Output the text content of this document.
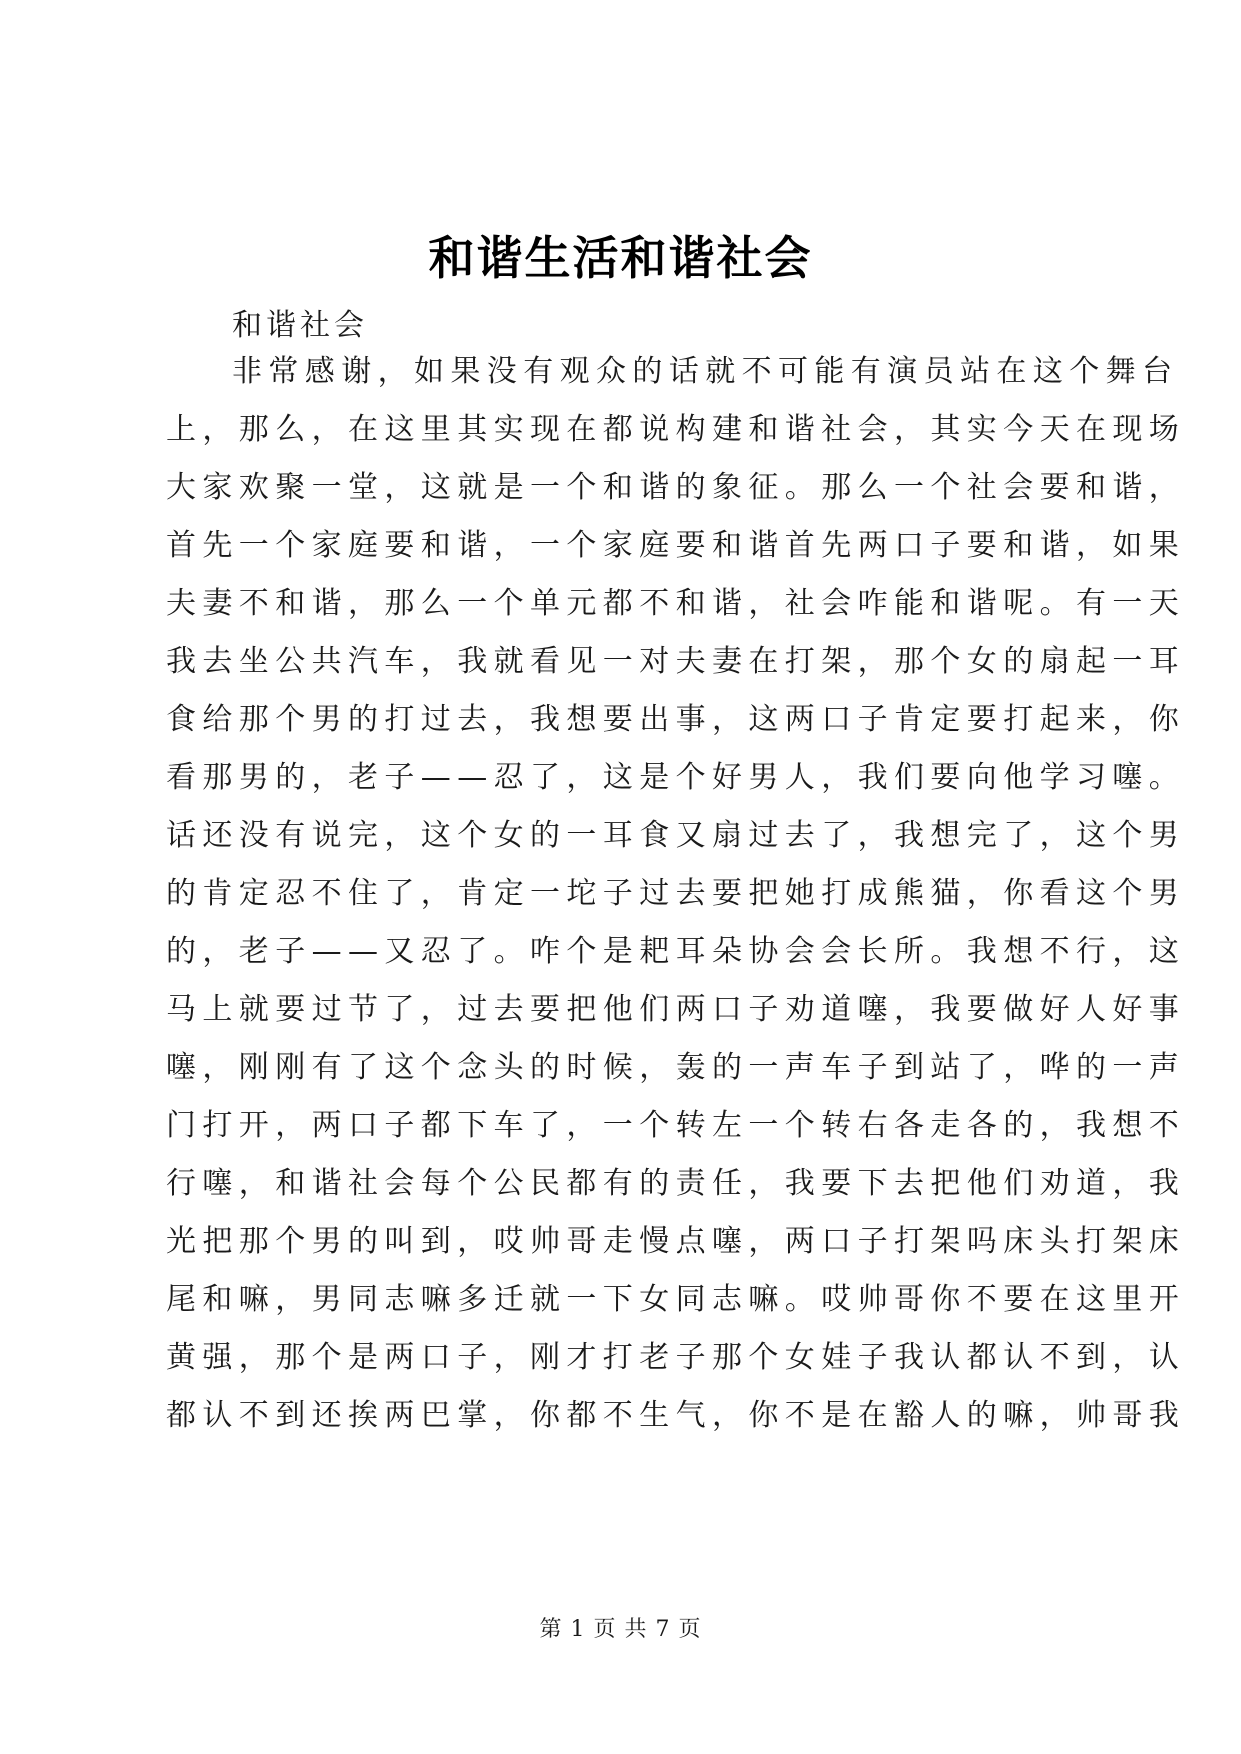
和谐生活和谐社会
和谐社会
非常感谢，如果没有观众的话就不可能有演员站在这个舞台
上，那么，在这里其实现在都说构建和谐社会，其实今天在现场
大家欢聚一堂，这就是一个和谐的象征。那么一个社会要和谐，
首先一个家庭要和谐，一个家庭要和谐首先两口子要和谐，如果
夫妻不和谐，那么一个单元都不和谐，社会咋能和谐呢。有一天
我去坐公共汽车，我就看见一对夫妻在打架，那个女的扇起一耳
食给那个男的打过去，我想要出事，这两口子肯定要打起来，你
看那男的，老子——忍了，这是个好男人，我们要向他学习噻。
话还没有说完，这个女的一耳食又扇过去了，我想完了，这个男
的肯定忍不住了，肯定一坨子过去要把她打成熊猫，你看这个男
的，老子——又忍了。咋个是耙耳朵协会会长所。我想不行，这
马上就要过节了，过去要把他们两口子劝道噻，我要做好人好事
噻，刚刚有了这个念头的时候，轰的一声车子到站了，哗的一声
门打开，两口子都下车了，一个转左一个转右各走各的，我想不
行噻，和谐社会每个公民都有的责任，我要下去把他们劝道，我
光把那个男的叫到，哎帅哥走慢点噻，两口子打架吗床头打架床
尾和嘛，男同志嘛多迁就一下女同志嘛。哎帅哥你不要在这里开
黄强，那个是两口子，刚才打老子那个女娃子我认都认不到，认
都认不到还挨两巴掌，你都不生气，你不是在豁人的嘛，帅哥我
第 1 页 共 7 页
